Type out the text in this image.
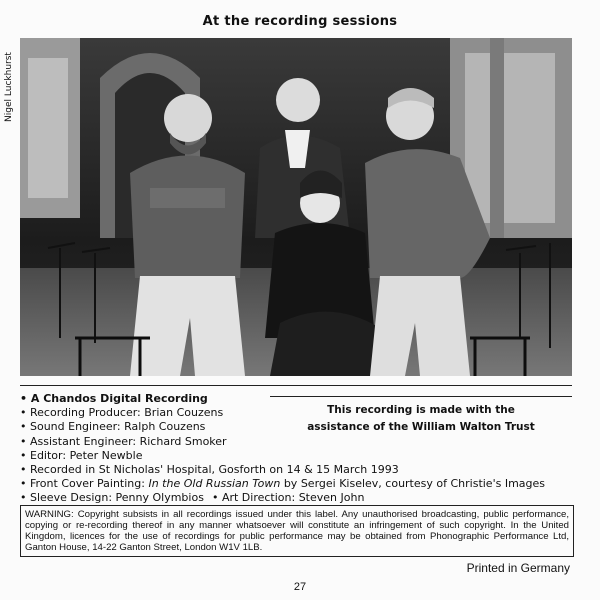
At the recording sessions
Nigel Luckhurst
• A Chandos Digital Recording
• Recording Producer: Brian Couzens
• Sound Engineer: Ralph Couzens
• Assistant Engineer: Richard Smoker
• Editor: Peter Newble
• Recorded in St Nicholas' Hospital, Gosforth on 14 & 15 March 1993
• Front Cover Painting: In the Old Russian Town by Sergei Kiselev, courtesy of Christie's Images
• Sleeve Design: Penny Olymbios• Art Direction: Steven John
This recording is made with the
assistance of the William Walton Trust
WARNING: Copyright subsists in all recordings issued under this label. Any unauthorised broadcasting, public performance, copying or re-recording thereof in any manner whatsoever will constitute an infringement of such copyright. In the United Kingdom, licences for the use of recordings for public performance may be obtained from Phonographic Performance Ltd, Ganton House, 14-22 Ganton Street, London W1V 1LB.
Printed in Germany
27
